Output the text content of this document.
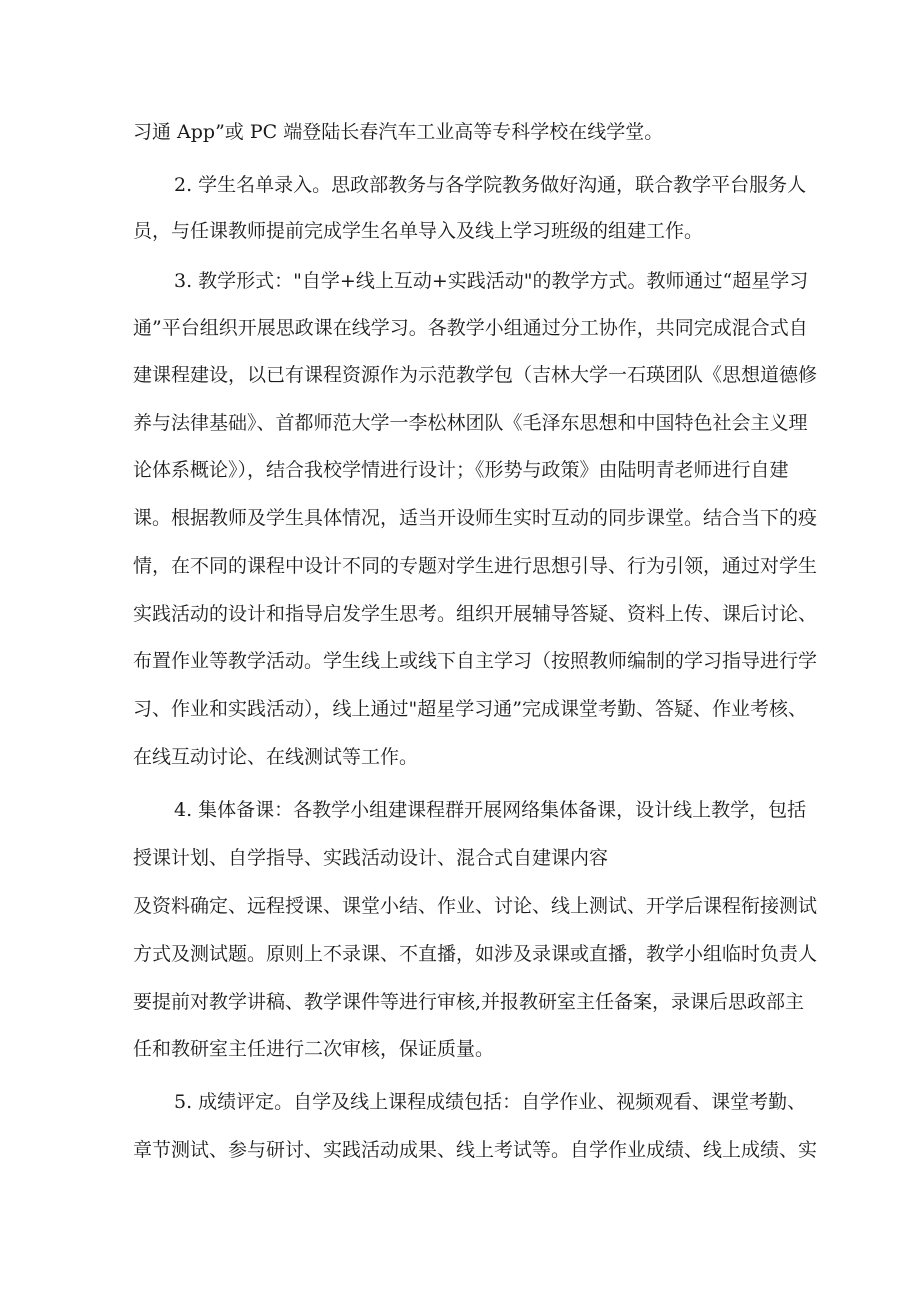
习通 App”或 PC 端登陆长春汽车工业高等专科学校在线学堂。

2. 学生名单录入。思政部教务与各学院教务做好沟通，联合教学平台服务人

员，与任课教师提前完成学生名单导入及线上学习班级的组建工作。

3. 教学形式："自学+线上互动+实践活动"的教学方式。教师通过“超星学习

通”平台组织开展思政课在线学习。各教学小组通过分工协作，共同完成混合式自

建课程建设，以已有课程资源作为示范教学包（吉林大学一石瑛团队《思想道德修

养与法律基础》、首都师范大学一李松林团队《毛泽东思想和中国特色社会主义理

论体系概论》），结合我校学情进行设计；《形势与政策》由陆明青老师进行自建

课。根据教师及学生具体情况，适当开设师生实时互动的同步课堂。结合当下的疫

情，在不同的课程中设计不同的专题对学生进行思想引导、行为引领，通过对学生

实践活动的设计和指导启发学生思考。组织开展辅导答疑、资料上传、课后讨论、

布置作业等教学活动。学生线上或线下自主学习（按照教师编制的学习指导进行学

习、作业和实践活动），线上通过"超星学习通”完成课堂考勤、答疑、作业考核、

在线互动讨论、在线测试等工作。

4. 集体备课：各教学小组建课程群开展网络集体备课，设计线上教学，包括

授课计划、自学指导、实践活动设计、混合式自建课内容

及资料确定、远程授课、课堂小结、作业、讨论、线上测试、开学后课程衔接测试

方式及测试题。原则上不录课、不直播，如涉及录课或直播，教学小组临时负责人

要提前对教学讲稿、教学课件等进行审核,并报教研室主任备案，录课后思政部主

任和教研室主任进行二次审核，保证质量。

5. 成绩评定。自学及线上课程成绩包括：自学作业、视频观看、课堂考勤、

章节测试、参与研讨、实践活动成果、线上考试等。自学作业成绩、线上成绩、实
